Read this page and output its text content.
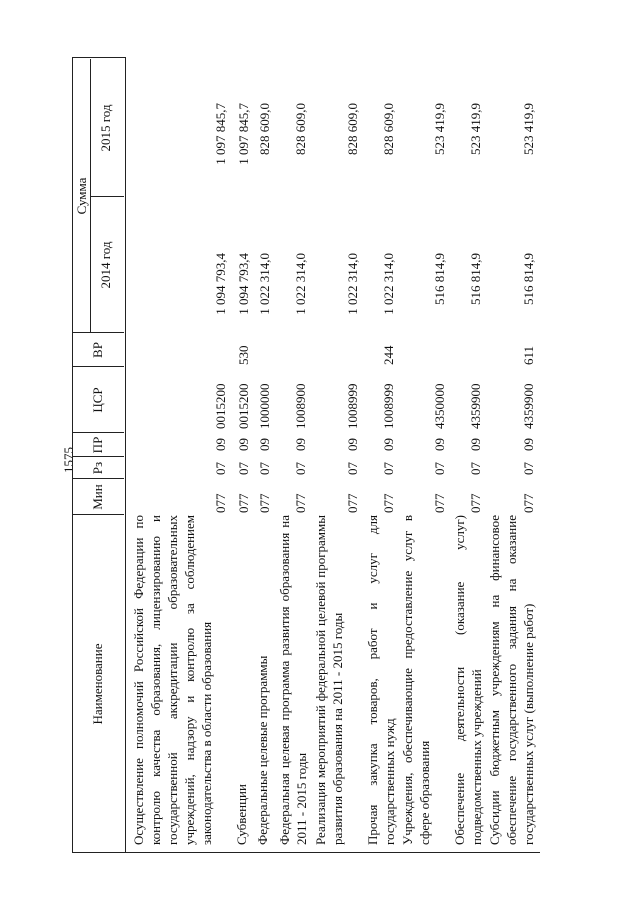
1575
Наименование
Мин
Рз
ПР
ЦСР
ВР
Сумма
2014 год
2015 год
Осуществление полномочий Российской Федерации по контролю качества образования, лицензированию и государственной аккредитации образовательных учреждений, надзору и контролю за соблюдением законодательства в области образования
077
07
09
0015200
1 094 793,4
1 097 845,7
Субвенции
077
07
09
0015200
530
1 094 793,4
1 097 845,7
Федеральные целевые программы
077
07
09
1000000
1 022 314,0
828 609,0
Федеральная целевая программа развития образования на 2011 - 2015 годы
077
07
09
1008900
1 022 314,0
828 609,0
Реализация мероприятий федеральной целевой программы развития образования на 2011 - 2015 годы
077
07
09
1008999
1 022 314,0
828 609,0
Прочая закупка товаров, работ и услуг для государственных нужд
077
07
09
1008999
244
1 022 314,0
828 609,0
Учреждения, обеспечивающие предоставление услуг в сфере образования
077
07
09
4350000
516 814,9
523 419,9
Обеспечение деятельности (оказание услуг) подведомственных учреждений
077
07
09
4359900
516 814,9
523 419,9
Субсидии бюджетным учреждениям на финансовое обеспечение государственного задания на оказание государственных услуг (выполнение работ)
077
07
09
4359900
611
516 814,9
523 419,9
